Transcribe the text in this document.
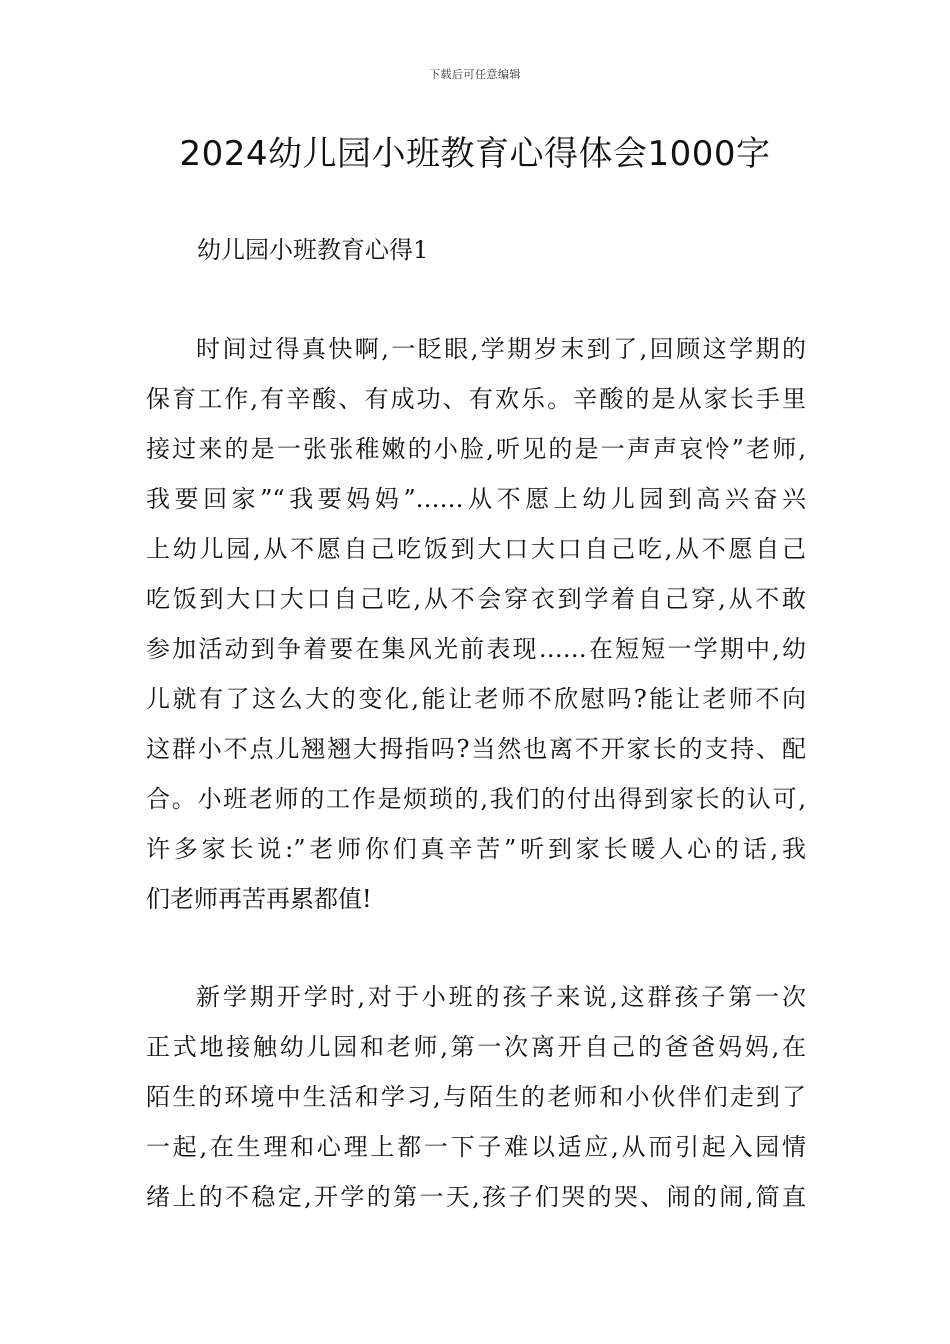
下载后可任意编辑
2024幼儿园小班教育心得体会1000字
幼儿园小班教育心得1
时间过得真快啊,一眨眼,学期岁末到了,回顾这学期的
保育工作,有辛酸、有成功、有欢乐。辛酸的是从家长手里
接过来的是一张张稚嫩的小脸,听见的是一声声哀怜”老师,
我要回家”“我要妈妈”……从不愿上幼儿园到高兴奋兴
上幼儿园,从不愿自己吃饭到大口大口自己吃,从不愿自己
吃饭到大口大口自己吃,从不会穿衣到学着自己穿,从不敢
参加活动到争着要在集风光前表现……在短短一学期中,幼
儿就有了这么大的变化,能让老师不欣慰吗?能让老师不向
这群小不点儿翘翘大拇指吗?当然也离不开家长的支持、配
合。小班老师的工作是烦琐的,我们的付出得到家长的认可,
许多家长说:”老师你们真辛苦”听到家长暖人心的话,我
们老师再苦再累都值!
新学期开学时,对于小班的孩子来说,这群孩子第一次
正式地接触幼儿园和老师,第一次离开自己的爸爸妈妈,在
陌生的环境中生活和学习,与陌生的老师和小伙伴们走到了
一起,在生理和心理上都一下子难以适应,从而引起入园情
绪上的不稳定,开学的第一天,孩子们哭的哭、闹的闹,简直
